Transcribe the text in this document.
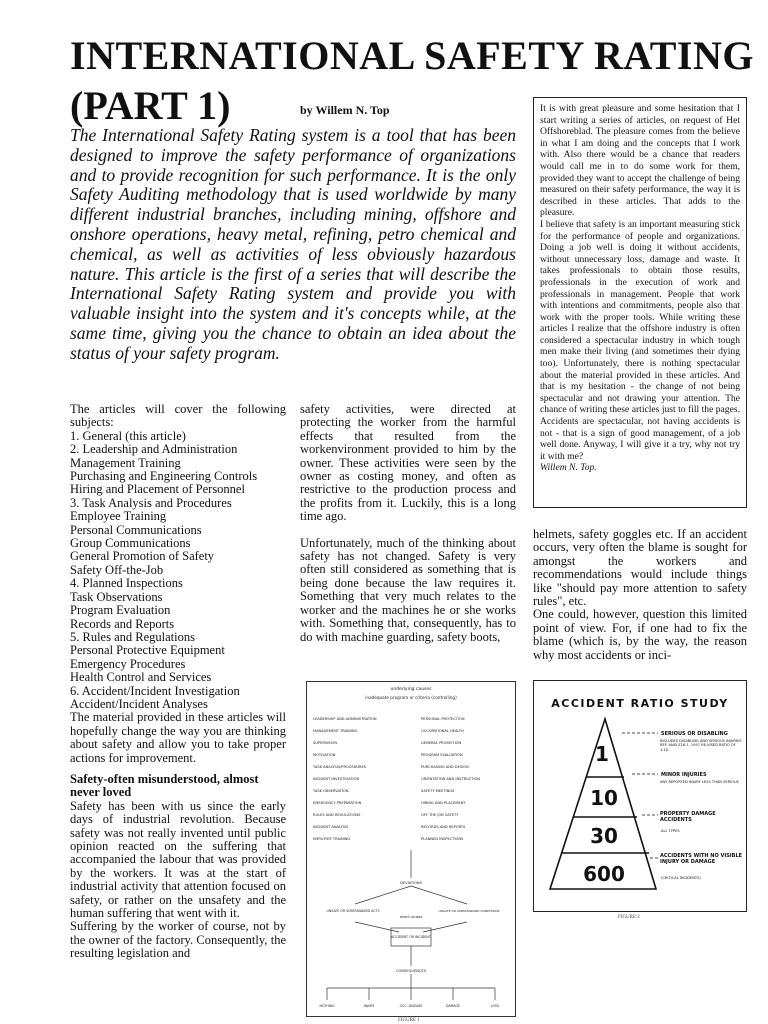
INTERNATIONAL SAFETY RATING
(PART 1)	by Willem N. Top
The International Safety Rating system is a tool that has been designed to improve the safety performance of organizations and to provide recognition for such performance. It is the only Safety Auditing methodology that is used worldwide by many different industrial branches, including mining, offshore and onshore operations, heavy metal, refining, petro chemical and chemical, as well as activities of less obviously hazardous nature. This article is the first of a series that will describe the International Safety Rating system and provide you with valuable insight into the system and it's concepts while, at the same time, giving you the chance to obtain an idea about the status of your safety program.

It is with great pleasure and some hesitation that I start writing a series of articles, on request of Het Offshoreblad. The pleasure comes from the believe in what I am doing and the concepts that I work with. Also there would be a chance that readers would call me in to do some work for them, provided they want to accept the challenge of being measured on their safety performance, the way it is described in these articles. That adds to the pleasure.

I believe that safety is an important measuring stick for the performance of people and organizations. Doing a job well is doing it without accidents, without unnecessary loss, damage and waste. It takes professionals to obtain those results, professionals in the execution of work and professionals in management. People that work with intentions and commitments, people also that work with the proper tools. While writing these articles I realize that the offshore industry is often considered a spectacular industry in which tough men make their living (and sometimes their dying too). Unfortunately, there is nothing spectacular about the material provided in these articles. And that is my hesitation - the change of not being spectacular and not drawing your attention. The chance of writing these articles just to fill the pages. Accidents are spectacular, not having accidents is not - that is a sign of good management, of a job well done. Anyway, I will give it a try, why not try it with me?

Willem N. Top.

The articles will cover the following subjects:

1. General (this article)
2. Leadership and Administration
Management Training
Purchasing and Engineering Controls
Hiring and Placement of Personnel
3. Task Analysis and Procedures
Employee Training
Personal Communications
Group Communications
General Promotion of Safety
Safety Off-the-Job
4. Planned Inspections
Task Observations
Program Evaluation
Records and Reports
5. Rules and Regulations
Personal Protective Equipment
Emergency Procedures
Health Control and Services
6. Accident/Incident Investigation
Accident/Incident Analyses

The material provided in these articles will hopefully change the way you are thinking about safety and allow you to take proper actions for improvement.

Safety-often misunderstood, almost never loved

Safety has been with us since the early days of industrial revolution. Because safety was not really invented until public opinion reacted on the suffering that accompanied the labour that was provided by the workers. It was at the start of industrial activity that attention focused on safety, or rather on the unsafety and the human suffering that went with it.

Suffering by the worker of course, not by the owner of the factory. Consequently, the resulting legislation and

safety activities, were directed at protecting the worker from the harmful effects that resulted from the workenvironment provided to him by the owner. These activities were seen by the owner as costing money, and often as restrictive to the production process and the profits from it. Luckily, this is a long time ago.

Unfortunately, much of the thinking about safety has not changed. Safety is very often still considered as something that is being done because the law requires it. Something that very much relates to the worker and the machines he or she works with. Something that, consequently, has to do with machine guarding, safety boots,

helmets, safety goggles etc. If an accident occurs, very often the blame is sought for amongst the workers and recommendations would include things like "should pay more attention to safety rules", etc.

One could, however, question this limited point of view. For, if one had to fix the blame (which is, by the way, the reason why most accidents or inci-

underlying causes
inadequate program or criteria (controlling)
LEADERSHIP AND ADMINISTRATION
MANAGEMENT TRAINING
SUPERVISION
MOTIVATION
TASK ANALYSIS/PROCEDURES
INCIDENT INVESTIGATION
TASK OBSERVATION
EMERGENCY PREPARATION
RULES AND REGULATIONS
INCIDENT ANALYSIS
EMPLOYEE TRAINING
PERSONAL PROTECTION
OCCUPATIONAL HEALTH
GENERAL PROMOTION
PROGRAM EVALUATION
PURCHASING AND DESIGN
ORIENTATION AND INSTRUCTION
SAFETY MEETINGS
HIRING AND PLACEMENT
OFF THE JOB SAFETY
RECORDS AND REPORTS
PLANNED INSPECTIONS
DEVIATIONS
UNSAFE OR SUBSTANDARD ACTS
direct causes
UNSAFE OR SUBSTANDARD CONDITIONS
ACCIDENT OR INCIDENT
CONSEQUENCES
NOTHING	INJURY	OCC. DISEASE	DAMAGE	LOSS
FIGURE 1
ACCIDENT RATIO STUDY
1
10
30
600
SERIOUS OR DISABLING
INCLUDES DISABLING AND SERIOUS INJURIES REF. ANSI Z16.1, 1957 RE-VISED RATIO OF 1:10.
MINOR INJURIES
ANY REPORTED INJURY LESS THAN SERIOUS
PROPERTY DAMAGE ACCIDENTS
ALL TYPES
ACCIDENTS WITH NO VISIBLE INJURY OR DAMAGE
(CRITICAL INCIDENTS)
FIGURE 2
